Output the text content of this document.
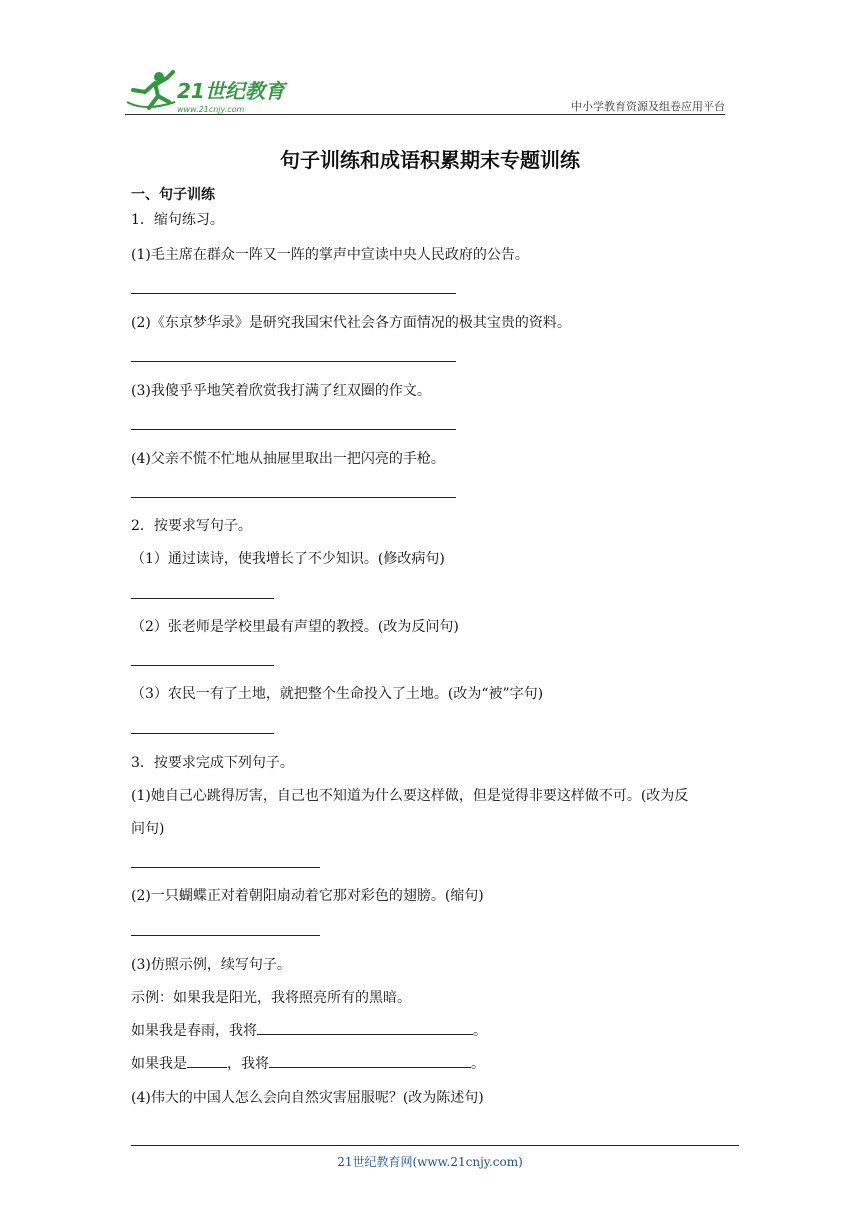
21世纪教育
www.21cnjy.com	中小学教育资源及组卷应用平台
句子训练和成语积累期末专题训练
一、句子训练
1．缩句练习。
(1)毛主席在群众一阵又一阵的掌声中宣读中央人民政府的公告。
(2)《东京梦华录》是研究我国宋代社会各方面情况的极其宝贵的资料。
(3)我傻乎乎地笑着欣赏我打满了红双圈的作文。
(4)父亲不慌不忙地从抽屉里取出一把闪亮的手枪。
2．按要求写句子。
（1）通过读诗，使我增长了不少知识。(修改病句)
（2）张老师是学校里最有声望的教授。(改为反问句)
（3）农民一有了土地，就把整个生命投入了土地。(改为“被”字句)
3．按要求完成下列句子。
(1)她自己心跳得厉害，自己也不知道为什么要这样做，但是觉得非要这样做不可。(改为反
问句)
(2)一只蝴蝶正对着朝阳扇动着它那对彩色的翅膀。(缩句)
(3)仿照示例，续写句子。
示例：如果我是阳光，我将照亮所有的黑暗。
如果我是春雨，我将	。
如果我是	，我将	。
(4)伟大的中国人怎么会向自然灾害屈服呢？(改为陈述句)
21世纪教育网(www.21cnjy.com)
